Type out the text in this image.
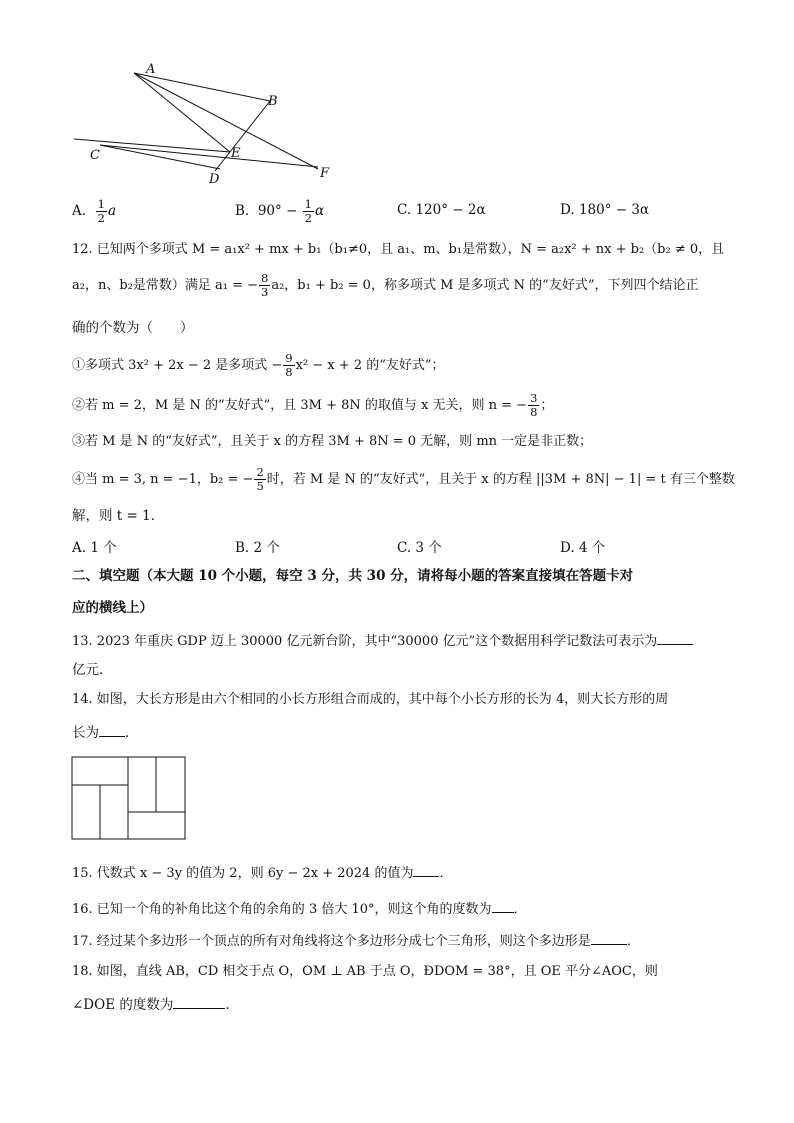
A
B
C
D
E
F
A. $\frac{1}{2}$ a	B. $90^\circ - \frac{1}{2}$ α	C. 120° − 2α	D. 180° − 3α
12. 已知两个多项式 M = a₁x² + mx + b₁（b₁≠0，且 a₁、m、b₁是常数），N = a₂x² + nx + b₂（b₂ ≠ 0，且
a₂，n、b₂是常数）满足 a₁ = − $\frac{8}{3} a_2$，b₁ + b₂ = 0，称多项式 M 是多项式 N 的“友好式”，下列四个结论正
确的个数为（　　）
①多项式 3x² + 2x − 2 是多项式 − $\frac{9}{8} x^2 - x + 2$ 的“友好式”；
②若 m = 2，M 是 N 的“友好式”，且 3M + 8N 的取值与 x 无关，则 n = − $\frac{3}{8}$ ；
③若 M 是 N 的“友好式”，且关于 x 的方程 3M + 8N = 0 无解，则 mn 一定是非正数；
④当 m = 3, n = −1，b₂ = − $\frac{2}{5}$ 时，若 M 是 N 的“友好式”，且关于 x 的方程 ||3M + 8N| − 1| = t 有三个整数
解，则 t = 1．
A. 1 个	B. 2 个	C. 3 个	D. 4 个
二、填空题（本大题 10 个小题，每空 3 分，共 30 分，请将每小题的答案直接填在答题卡对
应的横线上）
13. 2023 年重庆 GDP 迈上 30000 亿元新台阶，其中“30000 亿元”这个数据用科学记数法可表示为
亿元．
14. 如图，大长方形是由六个相同的小长方形组合而成的，其中每个小长方形的长为 4，则大长方形的周
长为 ．
15. 代数式 x − 3y 的值为 2，则 6y − 2x + 2024 的值为 ．
16. 已知一个角的补角比这个角的余角的 3 倍大 10°，则这个角的度数为 ．
17. 经过某个多边形一个顶点的所有对角线将这个多边形分成七个三角形，则这个多边形是	．
18. 如图，直线 AB，CD 相交于点 O，OM ⊥ AB 于点 O，ÐDOM = 38°，且 OE 平分∠AOC，则
∠DOE 的度数为	．
